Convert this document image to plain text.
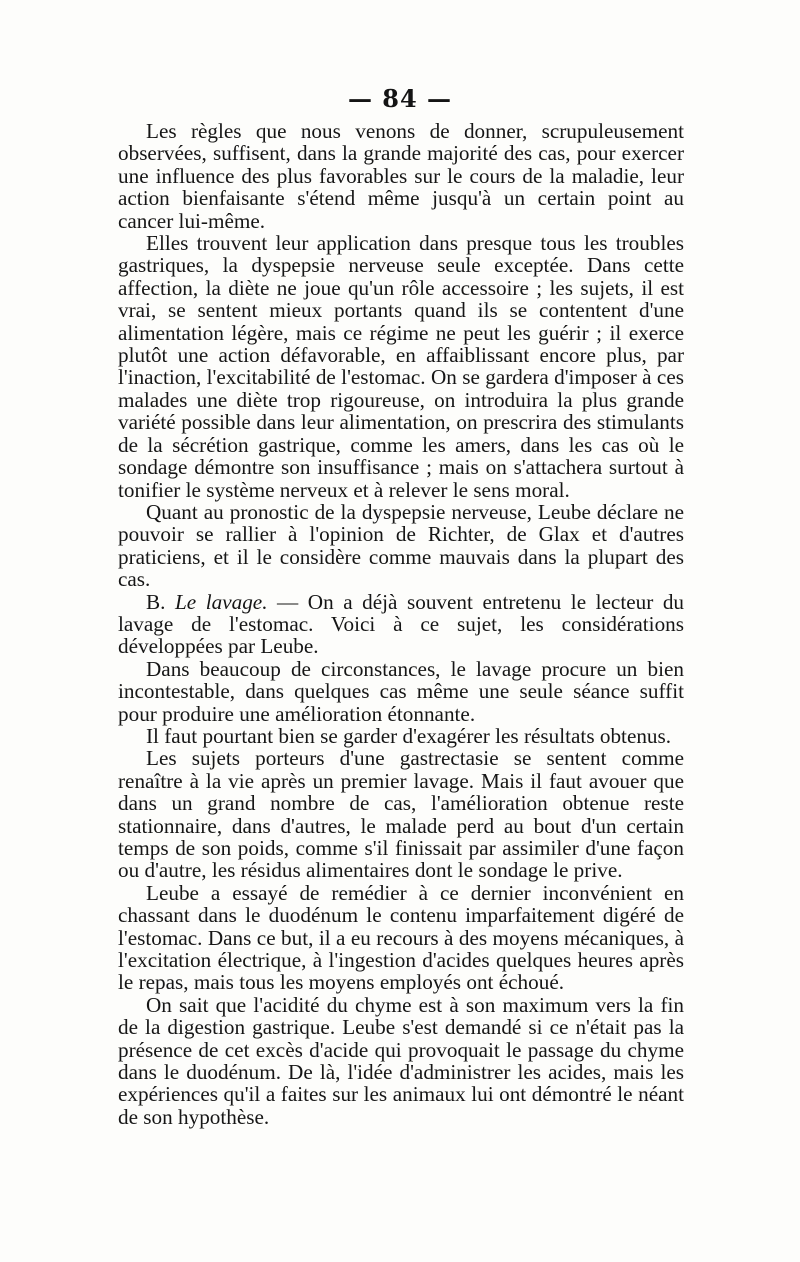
— 84 —

Les règles que nous venons de donner, scrupuleusement observées, suffisent, dans la grande majorité des cas, pour exercer une influence des plus favorables sur le cours de la maladie, leur action bienfaisante s'étend même jusqu'à un certain point au cancer lui-même.

Elles trouvent leur application dans presque tous les troubles gastriques, la dyspepsie nerveuse seule exceptée. Dans cette affection, la diète ne joue qu'un rôle accessoire ; les sujets, il est vrai, se sentent mieux portants quand ils se contentent d'une alimentation légère, mais ce régime ne peut les guérir ; il exerce plutôt une action défavorable, en affaiblissant encore plus, par l'inaction, l'excitabilité de l'estomac. On se gardera d'imposer à ces malades une diète trop rigoureuse, on introduira la plus grande variété possible dans leur alimentation, on prescrira des stimulants de la sécrétion gastrique, comme les amers, dans les cas où le sondage démontre son insuffisance ; mais on s'attachera surtout à tonifier le système nerveux et à relever le sens moral.

Quant au pronostic de la dyspepsie nerveuse, Leube déclare ne pouvoir se rallier à l'opinion de Richter, de Glax et d'autres praticiens, et il le considère comme mauvais dans la plupart des cas.

B. Le lavage. — On a déjà souvent entretenu le lecteur du lavage de l'estomac. Voici à ce sujet, les considérations développées par Leube.

Dans beaucoup de circonstances, le lavage procure un bien incontestable, dans quelques cas même une seule séance suffit pour produire une amélioration étonnante.

Il faut pourtant bien se garder d'exagérer les résultats obtenus.

Les sujets porteurs d'une gastrectasie se sentent comme renaître à la vie après un premier lavage. Mais il faut avouer que dans un grand nombre de cas, l'amélioration obtenue reste stationnaire, dans d'autres, le malade perd au bout d'un certain temps de son poids, comme s'il finissait par assimiler d'une façon ou d'autre, les résidus alimentaires dont le sondage le prive.

Leube a essayé de remédier à ce dernier inconvénient en chassant dans le duodénum le contenu imparfaitement digéré de l'estomac. Dans ce but, il a eu recours à des moyens mécaniques, à l'excitation électrique, à l'ingestion d'acides quelques heures après le repas, mais tous les moyens employés ont échoué.

On sait que l'acidité du chyme est à son maximum vers la fin de la digestion gastrique. Leube s'est demandé si ce n'était pas la présence de cet excès d'acide qui provoquait le passage du chyme dans le duodénum. De là, l'idée d'administrer les acides, mais les expériences qu'il a faites sur les animaux lui ont démontré le néant de son hypothèse.
